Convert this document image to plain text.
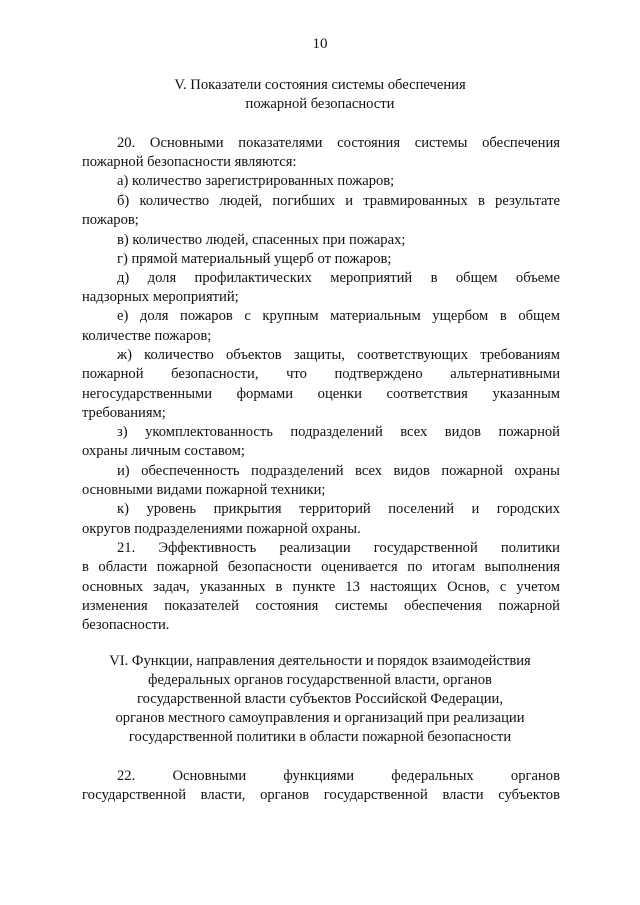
10
V. Показатели состояния системы обеспечения
пожарной безопасности
20. Основными показателями состояния системы обеспечения
пожарной безопасности являются:
а) количество зарегистрированных пожаров;
б) количество людей, погибших и травмированных в результате
пожаров;
в) количество людей, спасенных при пожарах;
г) прямой материальный ущерб от пожаров;
д) доля профилактических мероприятий в общем объеме
надзорных мероприятий;
е) доля пожаров с крупным материальным ущербом в общем
количестве пожаров;
ж) количество объектов защиты, соответствующих требованиям
пожарной безопасности, что подтверждено альтернативными
негосударственными формами оценки соответствия указанным
требованиям;
з) укомплектованность подразделений всех видов пожарной
охраны личным составом;
и) обеспеченность подразделений всех видов пожарной охраны
основными видами пожарной техники;
к) уровень прикрытия территорий поселений и городских
округов подразделениями пожарной охраны.
21. Эффективность реализации государственной политики
в области пожарной безопасности оценивается по итогам выполнения
основных задач, указанных в пункте 13 настоящих Основ, с учетом
изменения показателей состояния системы обеспечения пожарной
безопасности.
VI. Функции, направления деятельности и порядок взаимодействия
федеральных органов государственной власти, органов
государственной власти субъектов Российской Федерации,
органов местного самоуправления и организаций при реализации
государственной политики в области пожарной безопасности
22. Основными функциями федеральных органов
государственной власти, органов государственной власти субъектов
